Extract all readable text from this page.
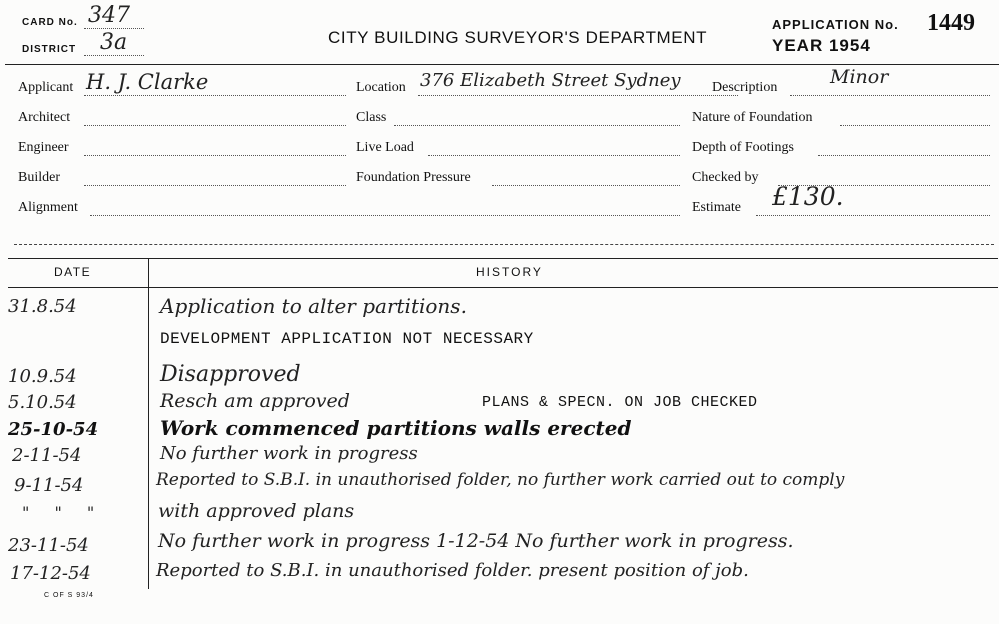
CARD No. 347
DISTRICT 3a	CITY BUILDING SURVEYOR'S DEPARTMENT
APPLICATION No. 1449
YEAR 1954
Applicant H. J. Clarke
Architect
Engineer
Builder
Alignment
Location 376 Elizabeth Street Sydney
Class
Live Load
Foundation Pressure
Description	Minor
Nature of Foundation
Depth of Footings
Checked by
Estimate £130.
DATE	HISTORY
31.8.54	Application to alter partitions.
DEVELOPMENT APPLICATION NOT NECESSARY
10.9.54	Disapproved
5.10.54	Resch am approved	PLANS & SPECN. ON JOB CHECKED
25-10-54	Work commenced partitions walls erected
2-11-54	No further work in progress
9-11-54	Reported to S.B.I. in unauthorised folder, no further work carried out to comply
" " "	with approved plans
23-11-54	No further work in progress 1-12-54 No further work in progress.
17-12-54	Reported to S.B.I. in unauthorised folder. present position of job.
C OF S 93/4
